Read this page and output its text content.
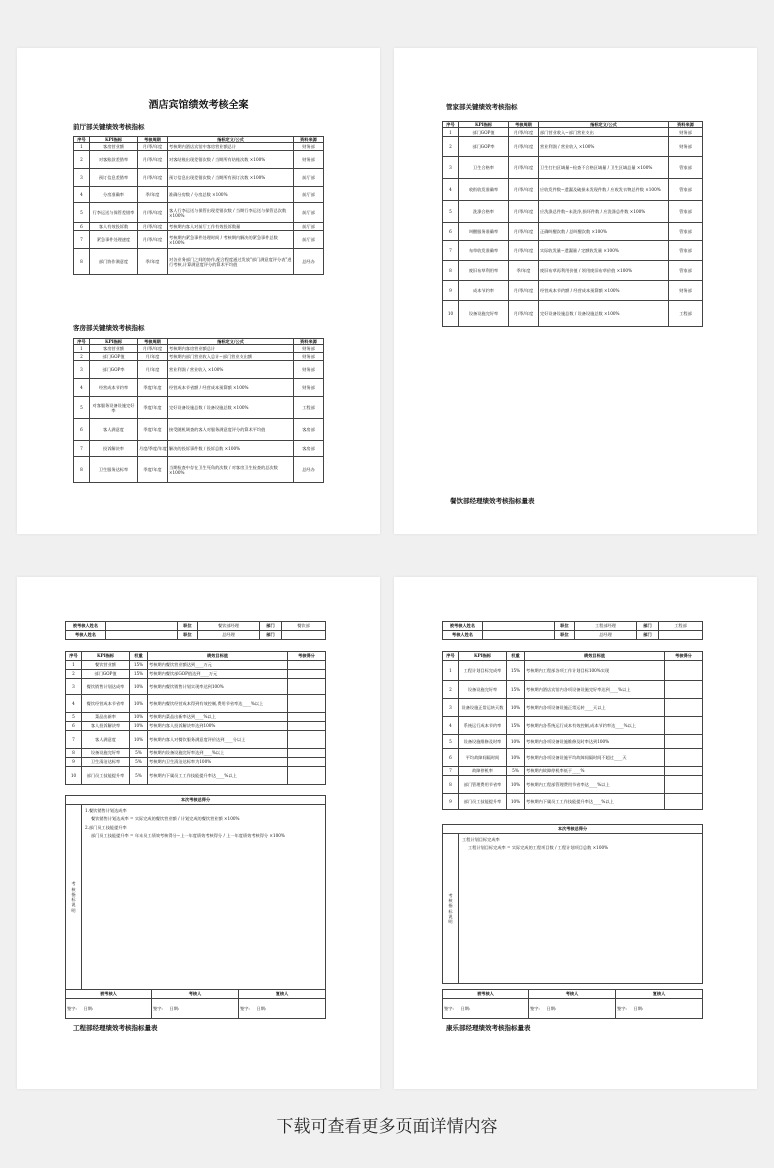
酒店宾馆绩效考核全案
前厅部关键绩效考核指标
序号	KPI指标	考核周期	指标定义/公式	资料来源
1	客房营业额	月/季/年度	考核期内酒店宾馆中客房营业额总计	财务部
2	对客账款差错率	月/季/年度	对客结账出现差错次数 / 当期所有结账次数 ×100%	财务部
3	预订信息差错率	月/季/年度	预订信息出现差错次数 / 当期所有预订次数 ×100%	前厅部
4	分房准确率	季/年度	准确分房数 / 分房总数 ×100%	前厅部
5	行李运送与保管差错率	月/季/年度	客人行李运送与保管出现差错次数 / 当期行李运送与保管总次数 ×100%	前厅部
6	客人有效投诉数	月/季/年度	考核期内客人对前厅工作有效投诉数量	前厅部
7	紧急事件处理速度	月/季/年度	考核期内紧急事件处理时间 / 考核期内解决的紧急事件总数 ×100%	前厅部
8	部门协作满意度	季/年度	对各业务部门之间的协作,配合程度通过发放"部门满意度评分表"进行考核,计算满意度评分的算术平均值	总经办
客房部关键绩效考核指标
序号	KPI指标	考核周期	指标定义/公式	资料来源
1	客房营业额	月/季/年度	考核期内客房营业额总计	财务部
2	部门GOP值	月/年度	考核期内部门营业收入总计−部门营业支出额	财务部
3	部门GOP率	月/年度	营业利润 / 营业收入 ×100%	财务部
4	经营成本节约率	季度/年度	经营成本节省额 / 经营成本预算额 ×100%	财务部
5	对客服务设备设施完好率	季度/年度	完好设备设施总数 / 设备设施总数 ×100%	工程部
6	客人满意度	季度/年度	接受随机调查的客人对服务满意度评分的算术平均值	客房部
7	投诉解决率	月度/季度/年度	解决的投诉事件数 / 投诉总数 ×100%	客房部
8	卫生服务达标率	季度/年度	当期检查中存在卫生死角的次数 / 对客房卫生检查的总次数 ×100%	总经办
管家部关键绩效考核指标
序号	KPI指标	考核周期	指标定义/公式	资料来源
1	部门GOP值	月/季/年度	部门营业收入−部门营业支出	财务部
2	部门GOP率	月/季/年度	营业利润 / 营业收入 ×100%	财务部
3	卫生合格率	月/季/年度	卫生打扫区域量−检查不合格区域量 / 卫生区域总量 ×100%	管家部
4	收衔收发准确率	月/季/年度	应收发件数−遗漏及破损未发现件数 / 应收发衣物总件数 ×100%	管家部
5	洗涤合格率	月/季/年度	应洗涤总件数−未洗净,损坏件数 / 应洗涤总件数 ×100%	管家部
6	叫醒服务准确率	月/季/年度	正确叫醒次数 / 总叫醒次数 ×100%	管家部
7	布草收发准确率	月/季/年度	实际收发量−遗漏量 / 定额收发量 ×100%	管家部
8	废旧布草利用率	季/年度	废旧布草再利用价值 / 领用废旧布草价值 ×100%	管家部
9	成本节约率	月/季/年度	经营成本节约额 / 经营成本预算额 ×100%	财务部
10	设备设施完好率	月/季/年度	完好设备设施总数 / 设备设施总数 ×100%	工程部
餐饮部经理绩效考核指标量表
被考核人姓名		职位	餐饮部经理	部门	餐饮部
考核人姓名		职位	总经理	部门	
序号	KPI指标	权重	绩效目标值	考核得分
1	餐饮营业额	15%	考核期内餐饮营业额达到____万元	
2	部门GOP值	15%	考核期内餐饮部GOP值达到____万元	
3	餐饮销售计划达成率	10%	考核期内餐饮销售计划实现率达到100%	
4	餐饮经营成本节省率	10%	考核期内餐饮经营成本得到有效控制,费用节省率达____%以上	
5	菜品出新率	10%	考核期内菜品出新率达到____%以上	
6	客人投诉解决率	10%	考核期内客人投诉解决率达到100%	
7	客人满意度	10%	考核期内客人对餐饮服务满意度评价达到____分以上	
8	设备设施完好率	5%	考核期内设备设施完好率达到____%以上	
9	卫生清洁达标率	5%	考核期内卫生清洁达标率为100%	
10	部门员工技能提升率	5%	考核期内下属员工工作技能提升率达____%以上	
本次考核总得分

考核指标说明

1.餐饮销售计划达成率
餐饮销售计划达成率 = 实际完成的餐饮营业额 / 计划完成的餐饮营业额 ×100%
2.部门员工技能提升率
部门员工技能提升率 = 年末员工绩效考核得分−上一年度绩效考核得分 / 上一年度绩效考核得分 ×100%
被考核人	考核人	复核人
签字: 日期:	签字: 日期:	签字: 日期:
工程部经理绩效考核指标量表
被考核人姓名		职位	工程部经理	部门	工程部
考核人姓名		职位	总经理	部门	
序号	KPI指标	权重	绩效目标值	考核得分
1	工程计划目标完成率	15%	考核期内工程部各项工作计划目标100%实现	
2	设备设施完好率	15%	考核期内酒店宾馆内各项设备设施完好率达到____%以上	
3	设备设施正常运转天数	10%	考核期内各项设备设施正常运转____天以上	
4	系统运行成本节约率	15%	考核期内各系统运行成本有效控制,成本节约率达____%以上	
5	设备设施维修及时率	10%	考核期内各项设备设施维修及时率达到100%	
6	平均故障间隔时间	10%	考核期内各项设备设施平均故障间隔时间不超过____天	
7	故障停机率	5%	考核期内故障停机率低于____%	
8	部门管理费用节省率	10%	考核期内工程部管理费用节省率达____%以上	
9	部门员工技能提升率	10%	考核期内下属员工工作技能提升率达____%以上	
本次考核总得分

考核指标说明

工程计划目标完成率
工程计划目标完成率 = 实际完成的工程项目数 / 工程计划项目总数 ×100%
被考核人	考核人	复核人
签字: 日期:	签字: 日期:	签字: 日期:
康乐部经理绩效考核指标量表
下载可查看更多页面详情内容
